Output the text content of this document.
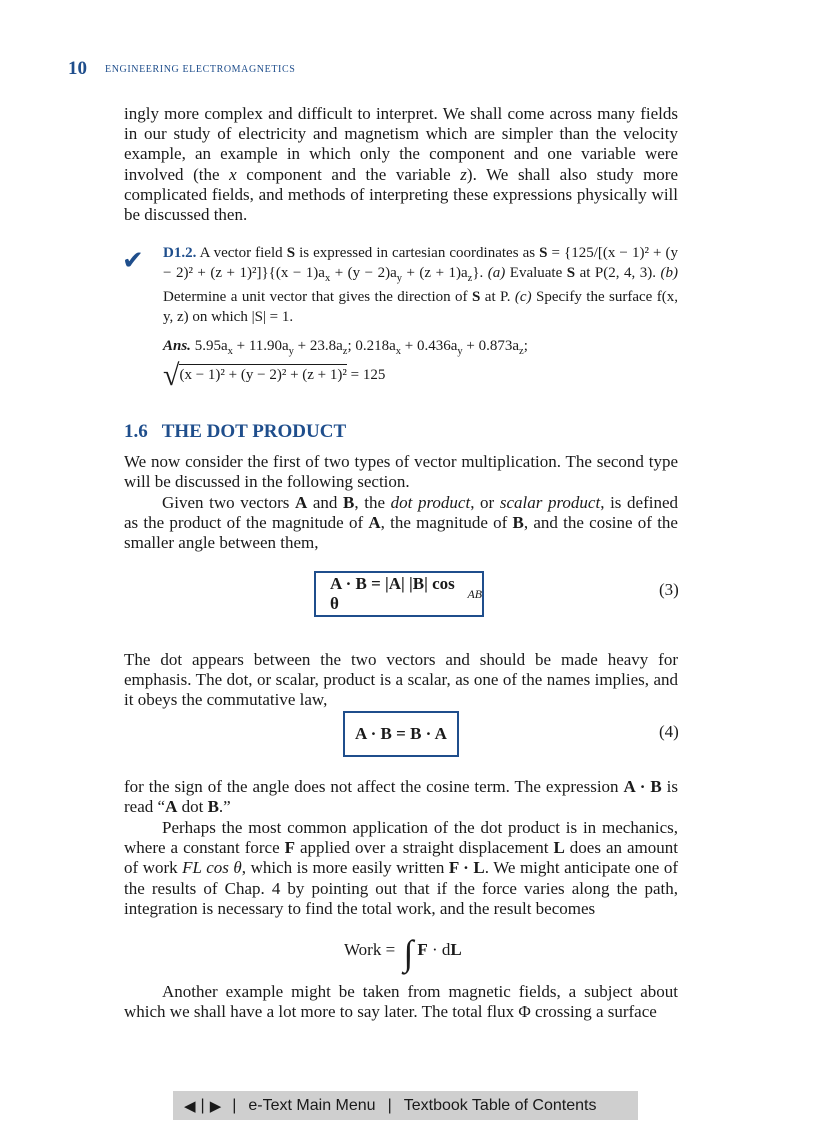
10 ENGINEERING ELECTROMAGNETICS

ingly more complex and difficult to interpret. We shall come across many fields in our study of electricity and magnetism which are simpler than the velocity example, an example in which only the component and one variable were involved (the x component and the variable z). We shall also study more complicated fields, and methods of interpreting these expressions physically will be discussed then.

✔ D1.2. A vector field S is expressed in cartesian coordinates as $S = \{125/[(x - 1)^2 + (y - 2)^2 + (z + 1)^2]\}\{(x - 1)a_x + (y - 2)a_y + (z + 1)a_z\}$. (a) Evaluate S at P(2, 4, 3). (b) Determine a unit vector that gives the direction of S at P. (c) Specify the surface f(x, y, z) on which |S| = 1.

Ans. $5.95a_x + 11.90a_y + 23.8a_z$; $0.218a_x + 0.436a_y + 0.873a_z$;

√(x − 1)² + (y − 2)² + (z + 1)² = 125
1.6 THE DOT PRODUCT

We now consider the first of two types of vector multiplication. The second type will be discussed in the following section.

Given two vectors A and B, the dot product, or scalar product, is defined as the product of the magnitude of A, the magnitude of B, and the cosine of the smaller angle between them,

A · B = |A| |B| cos θ
AB	(3)

The dot appears between the two vectors and should be made heavy for emphasis. The dot, or scalar, product is a scalar, as one of the names implies, and it obeys the commutative law,

A · B = B · A	(4)

for the sign of the angle does not affect the cosine term. The expression A · B is read “A dot B.”

Perhaps the most common application of the dot product is in mechanics, where a constant force F applied over a straight displacement L does an amount of work FL cos θ, which is more easily written F · L. We might anticipate one of the results of Chap. 4 by pointing out that if the force varies along the path, integration is necessary to find the total work, and the result becomes

Work = ∫ F · dL

Another example might be taken from magnetic fields, a subject about which we shall have a lot more to say later. The total flux Φ crossing a surface

◀ | ▶ | e-Text Main Menu | Textbook Table of Contents
